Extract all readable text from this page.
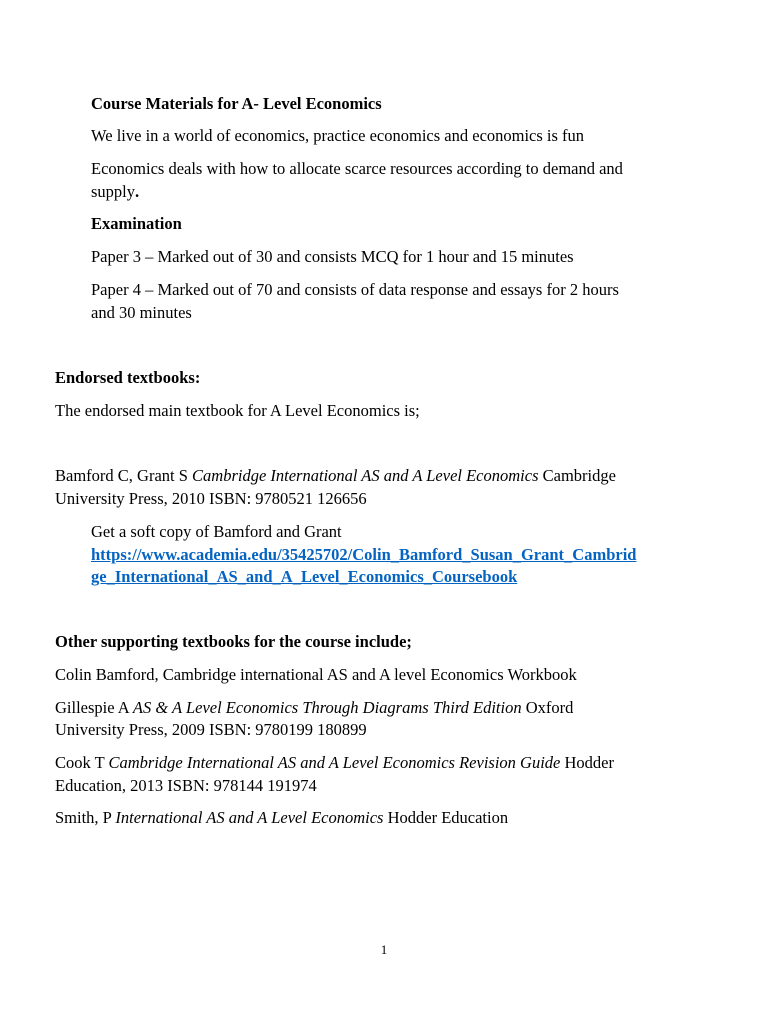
Course Materials for A- Level Economics
We live in a world of economics, practice economics and economics is fun
Economics deals with how to allocate scarce resources according to demand and
supply.
Examination
Paper 3 – Marked out of 30 and consists MCQ for 1 hour and 15 minutes
Paper 4 – Marked out of 70 and consists of data response and essays for 2 hours
and 30 minutes
Endorsed textbooks:
The endorsed main textbook for A Level Economics is;
Bamford C, Grant S Cambridge International AS and A Level Economics Cambridge
University Press, 2010 ISBN: 9780521 126656
Get a soft copy of Bamford and Grant
https://www.academia.edu/35425702/Colin_Bamford_Susan_Grant_Cambrid
ge_International_AS_and_A_Level_Economics_Coursebook
Other supporting textbooks for the course include;
Colin Bamford, Cambridge international AS and A level Economics Workbook
Gillespie A AS & A Level Economics Through Diagrams Third Edition Oxford
University Press, 2009 ISBN: 9780199 180899
Cook T Cambridge International AS and A Level Economics Revision Guide Hodder
Education, 2013 ISBN: 978144 191974
Smith, P International AS and A Level Economics Hodder Education
1
